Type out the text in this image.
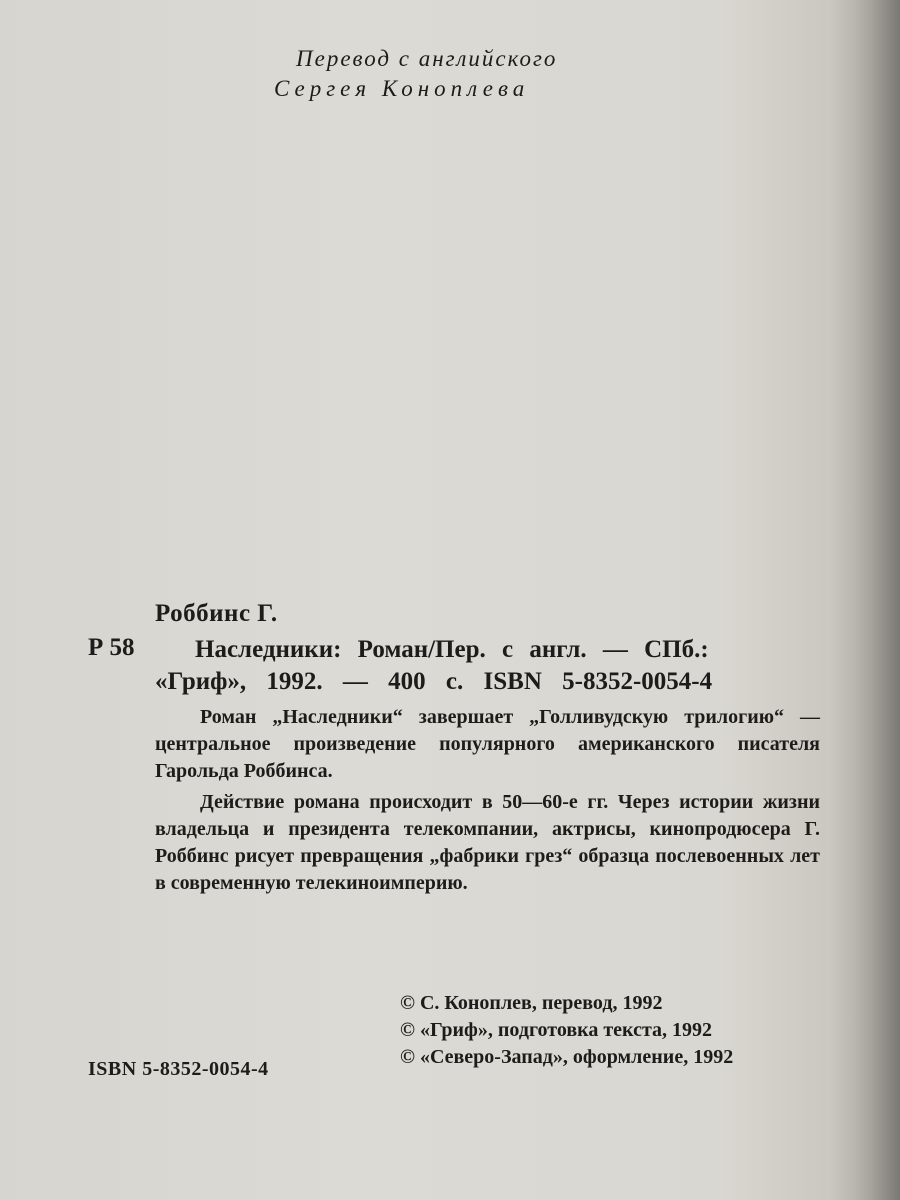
Перевод с английского
Сергея Коноплева
Роббинс Г.
Р 58 Наследники: Роман/Пер. с англ. — СПб.:
«Гриф», 1992. — 400 с. ISBN 5-8352-0054-4

Роман „Наследники“ завершает „Голливудскую трилогию“ — центральное произведение популярного американского писателя Гарольда Роббинса.

Действие романа происходит в 50—60-е гг. Через истории жизни владельца и президента телекомпании, актрисы, кинопродюсера Г. Роббинс рисует превращения „фабрики грез“ образца послевоенных лет в современную телекиноимперию.

© С. Коноплев, перевод, 1992
© «Гриф», подготовка текста, 1992
© «Северо-Запад», оформление, 1992
ISBN 5-8352-0054-4
